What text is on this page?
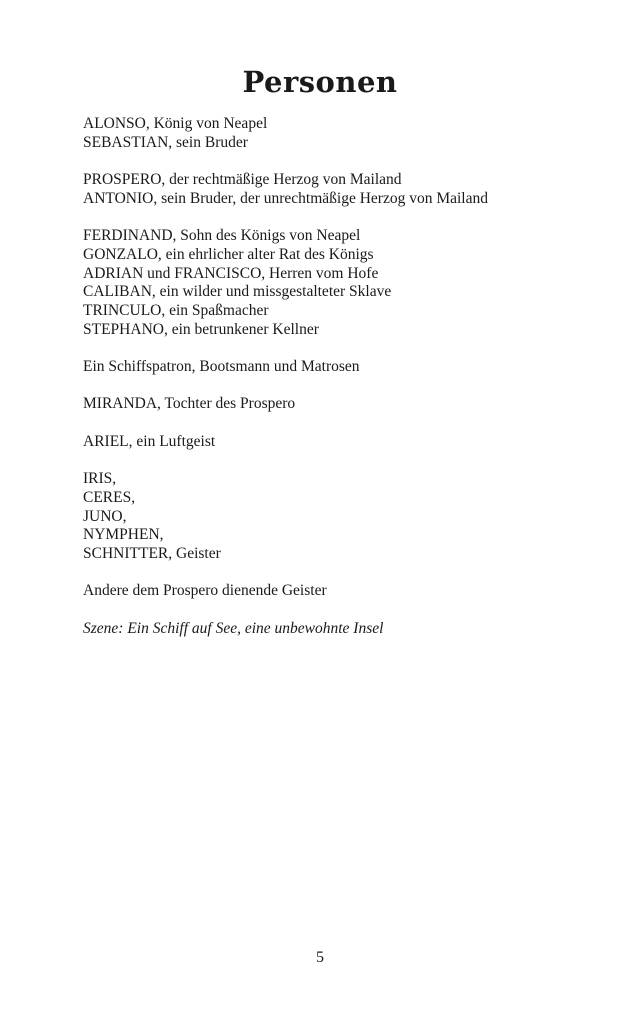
Personen
ALONSO, König von Neapel
SEBASTIAN, sein Bruder
PROSPERO, der rechtmäßige Herzog von Mailand
ANTONIO, sein Bruder, der unrechtmäßige Herzog von Mailand
FERDINAND, Sohn des Königs von Neapel
GONZALO, ein ehrlicher alter Rat des Königs
ADRIAN und FRANCISCO, Herren vom Hofe
CALIBAN, ein wilder und missgestalteter Sklave
TRINCULO, ein Spaßmacher
STEPHANO, ein betrunkener Kellner
Ein Schiffspatron, Bootsmann und Matrosen
MIRANDA, Tochter des Prospero
ARIEL, ein Luftgeist
IRIS,
CERES,
JUNO,
NYMPHEN,
SCHNITTER, Geister
Andere dem Prospero dienende Geister
Szene: Ein Schiff auf See, eine unbewohnte Insel
5
